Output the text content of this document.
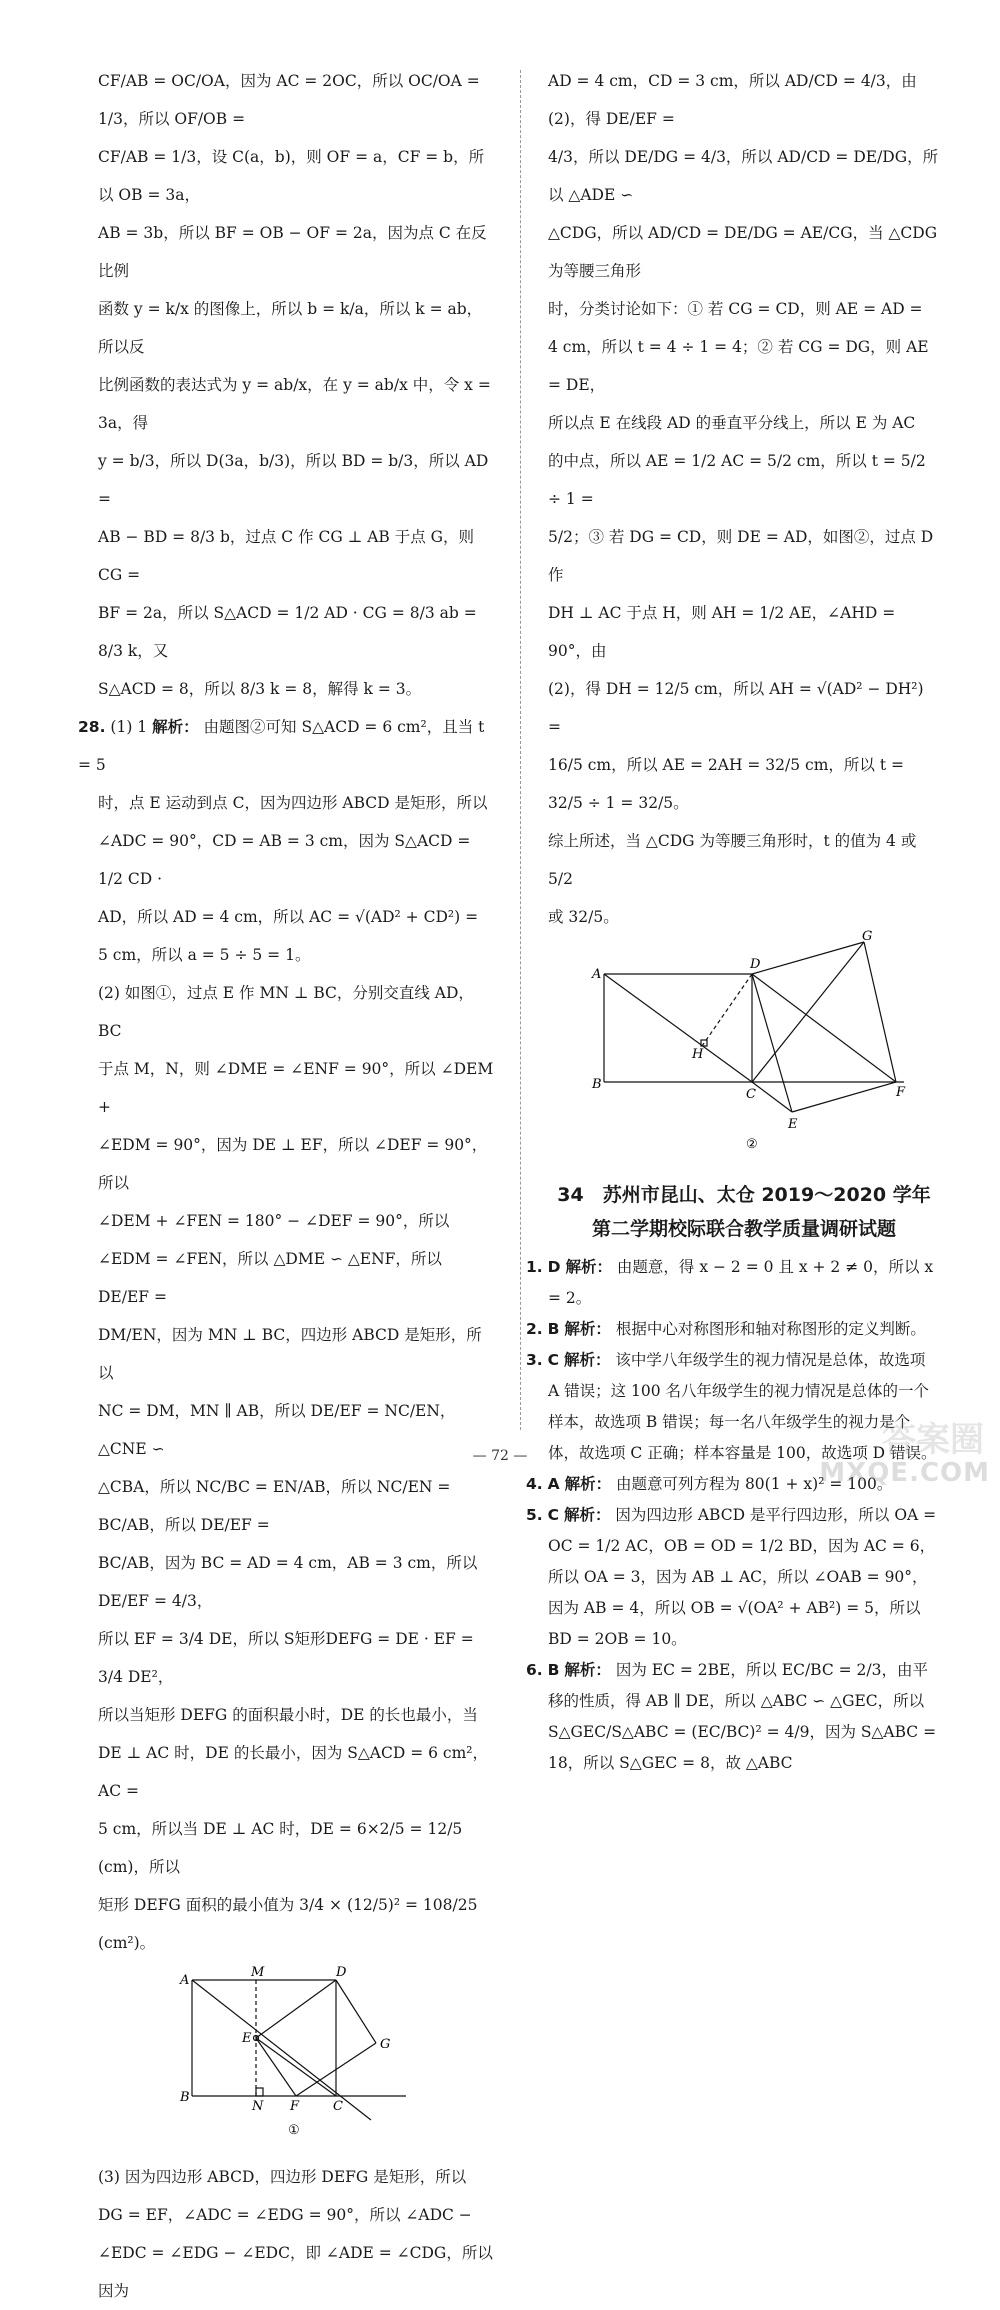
CF/AB = OC/OA，因为 AC = 2OC，所以 OC/OA = 1/3，所以 OF/OB =

CF/AB = 1/3，设 C(a，b)，则 OF = a，CF = b，所以 OB = 3a，

AB = 3b，所以 BF = OB − OF = 2a，因为点 C 在反比例

函数 y = k/x 的图像上，所以 b = k/a，所以 k = ab，所以反

比例函数的表达式为 y = ab/x，在 y = ab/x 中，令 x = 3a，得

y = b/3，所以 D(3a，b/3)，所以 BD = b/3，所以 AD =

AB − BD = 8/3 b，过点 C 作 CG ⊥ AB 于点 G，则 CG =

BF = 2a，所以 S△ACD = 1/2 AD · CG = 8/3 ab = 8/3 k，又

S△ACD = 8，所以 8/3 k = 8，解得 k = 3。

28. (1) 1 解析： 由题图②可知 S△ACD = 6 cm²，且当 t = 5

时，点 E 运动到点 C，因为四边形 ABCD 是矩形，所以

∠ADC = 90°，CD = AB = 3 cm，因为 S△ACD = 1/2 CD ·

AD，所以 AD = 4 cm，所以 AC = √(AD² + CD²) =

5 cm，所以 a = 5 ÷ 5 = 1。

(2) 如图①，过点 E 作 MN ⊥ BC，分别交直线 AD，BC

于点 M，N，则 ∠DME = ∠ENF = 90°，所以 ∠DEM +

∠EDM = 90°，因为 DE ⊥ EF，所以 ∠DEF = 90°，所以

∠DEM + ∠FEN = 180° − ∠DEF = 90°，所以

∠EDM = ∠FEN，所以 △DME ∽ △ENF，所以 DE/EF =

DM/EN，因为 MN ⊥ BC，四边形 ABCD 是矩形，所以

NC = DM，MN ∥ AB，所以 DE/EF = NC/EN，△CNE ∽

△CBA，所以 NC/BC = EN/AB，所以 NC/EN = BC/AB，所以 DE/EF =

BC/AB，因为 BC = AD = 4 cm，AB = 3 cm，所以 DE/EF = 4/3，

所以 EF = 3/4 DE，所以 S矩形DEFG = DE · EF = 3/4 DE²，

所以当矩形 DEFG 的面积最小时，DE 的长也最小，当

DE ⊥ AC 时，DE 的长最小，因为 S△ACD = 6 cm²，AC =

5 cm，所以当 DE ⊥ AC 时，DE = 6×2/5 = 12/5 (cm)，所以

矩形 DEFG 面积的最小值为 3/4 × (12/5)² = 108/25 (cm²)。

A
M	D
E	G
B
N F	C
①

(3) 因为四边形 ABCD，四边形 DEFG 是矩形，所以

DG = EF，∠ADC = ∠EDG = 90°，所以 ∠ADC −

∠EDC = ∠EDG − ∠EDC，即 ∠ADE = ∠CDG，所以因为

AD = 4 cm，CD = 3 cm，所以 AD/CD = 4/3，由(2)，得 DE/EF =

4/3，所以 DE/DG = 4/3，所以 AD/CD = DE/DG，所以 △ADE ∽

△CDG，所以 AD/CD = DE/DG = AE/CG，当 △CDG 为等腰三角形

时，分类讨论如下：① 若 CG = CD，则 AE = AD =

4 cm，所以 t = 4 ÷ 1 = 4；② 若 CG = DG，则 AE = DE，

所以点 E 在线段 AD 的垂直平分线上，所以 E 为 AC

的中点，所以 AE = 1/2 AC = 5/2 cm，所以 t = 5/2 ÷ 1 =

5/2；③ 若 DG = CD，则 DE = AD，如图②，过点 D 作

DH ⊥ AC 于点 H，则 AH = 1/2 AE，∠AHD = 90°，由

(2)，得 DH = 12/5 cm，所以 AH = √(AD² − DH²) =

16/5 cm，所以 AE = 2AH = 32/5 cm，所以 t = 32/5 ÷ 1 = 32/5。

综上所述，当 △CDG 为等腰三角形时，t 的值为 4 或 5/2

或 32/5。

G
A
D
H
B
C	F
E
②
34　苏州市昆山、太仓 2019～2020 学年
第二学期校际联合教学质量调研试题

1. D 解析： 由题意，得 x − 2 = 0 且 x + 2 ≠ 0，所以 x = 2。

2. B 解析： 根据中心对称图形和轴对称图形的定义判断。

3. C 解析： 该中学八年级学生的视力情况是总体，故选项 A 错误；这 100 名八年级学生的视力情况是总体的一个样本，故选项 B 错误；每一名八年级学生的视力是个体，故选项 C 正确；样本容量是 100，故选项 D 错误。

4. A 解析： 由题意可列方程为 80(1 + x)² = 100。

5. C 解析： 因为四边形 ABCD 是平行四边形，所以 OA = OC = 1/2 AC，OB = OD = 1/2 BD，因为 AC = 6，所以 OA = 3，因为 AB ⊥ AC，所以 ∠OAB = 90°，因为 AB = 4，所以 OB = √(OA² + AB²) = 5，所以 BD = 2OB = 10。

6. B 解析： 因为 EC = 2BE，所以 EC/BC = 2/3，由平移的性质，得 AB ∥ DE，所以 △ABC ∽ △GEC，所以 S△GEC/S△ABC = (EC/BC)² = 4/9，因为 S△ABC = 18，所以 S△GEC = 8，故 △ABC

— 72 —	答案圈
MXQE.COM
